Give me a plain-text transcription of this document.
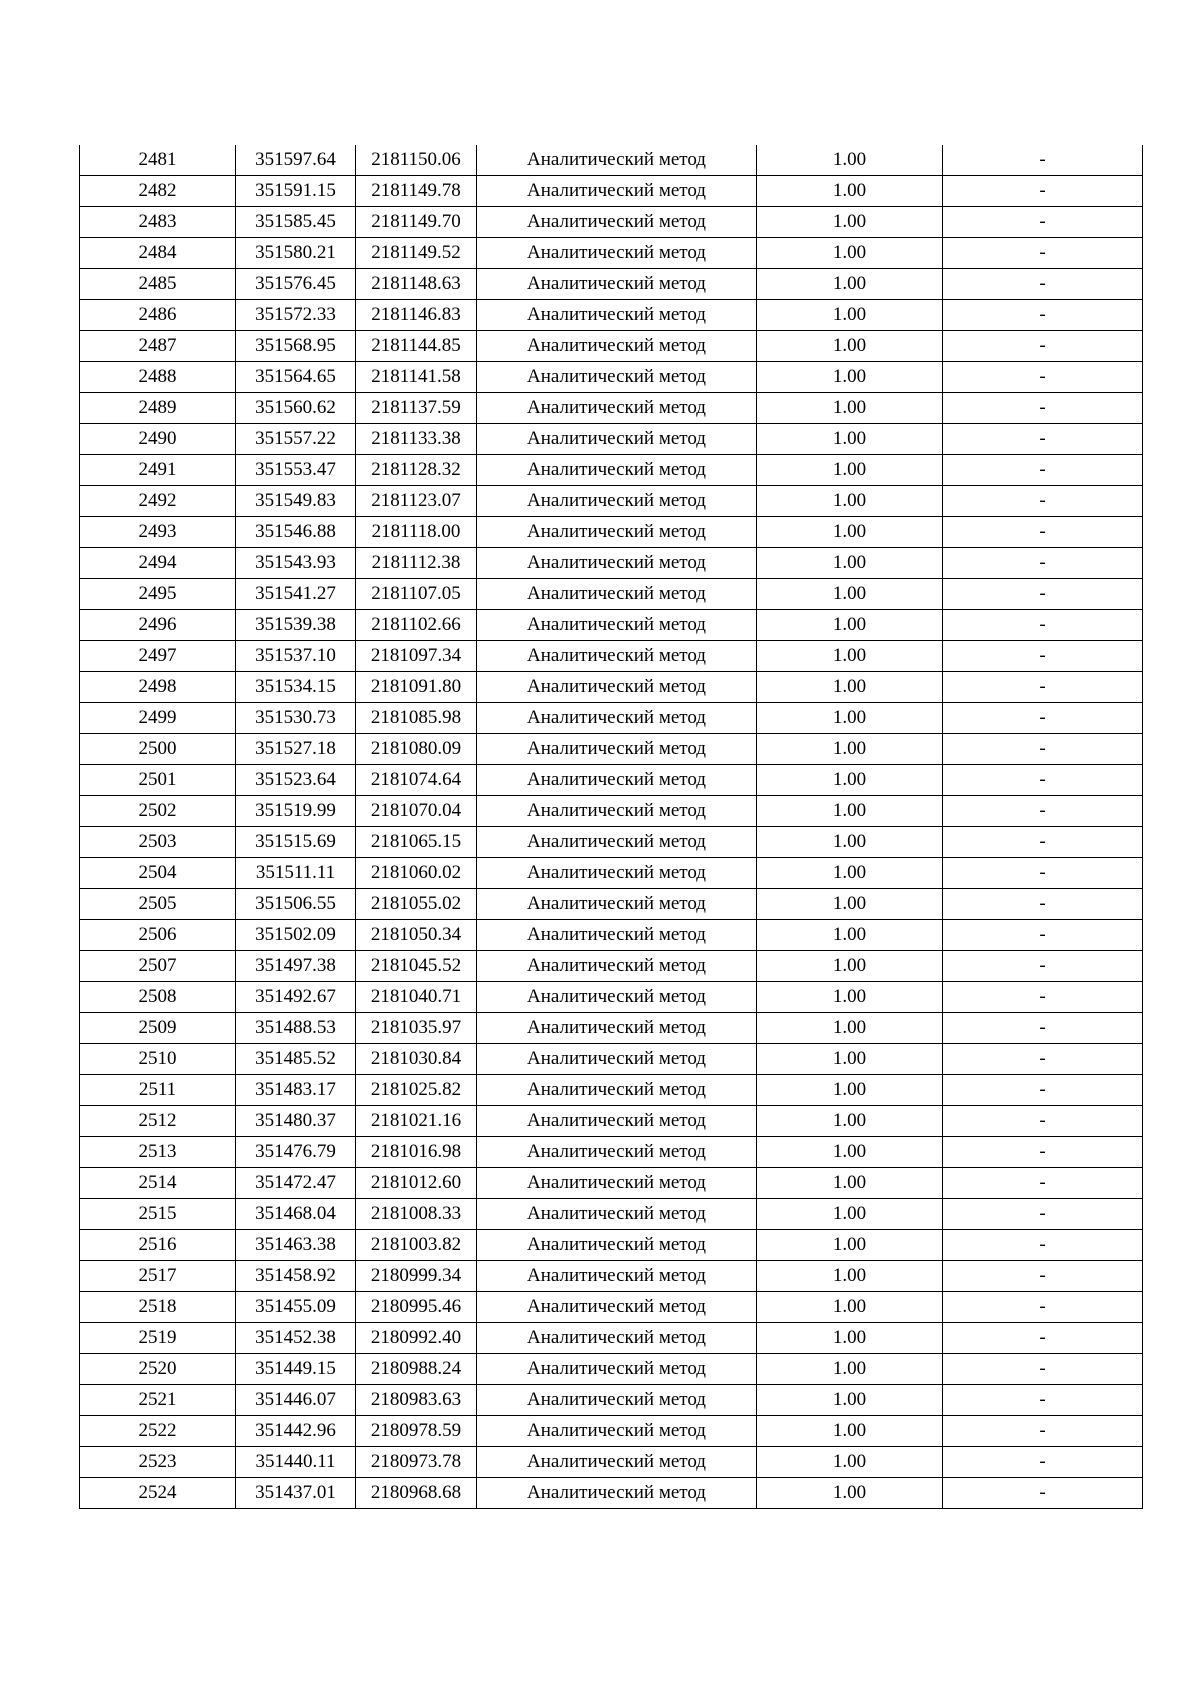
2481	351597.64	2181150.06	Аналитический метод	1.00	-
2482	351591.15	2181149.78	Аналитический метод	1.00	-
2483	351585.45	2181149.70	Аналитический метод	1.00	-
2484	351580.21	2181149.52	Аналитический метод	1.00	-
2485	351576.45	2181148.63	Аналитический метод	1.00	-
2486	351572.33	2181146.83	Аналитический метод	1.00	-
2487	351568.95	2181144.85	Аналитический метод	1.00	-
2488	351564.65	2181141.58	Аналитический метод	1.00	-
2489	351560.62	2181137.59	Аналитический метод	1.00	-
2490	351557.22	2181133.38	Аналитический метод	1.00	-
2491	351553.47	2181128.32	Аналитический метод	1.00	-
2492	351549.83	2181123.07	Аналитический метод	1.00	-
2493	351546.88	2181118.00	Аналитический метод	1.00	-
2494	351543.93	2181112.38	Аналитический метод	1.00	-
2495	351541.27	2181107.05	Аналитический метод	1.00	-
2496	351539.38	2181102.66	Аналитический метод	1.00	-
2497	351537.10	2181097.34	Аналитический метод	1.00	-
2498	351534.15	2181091.80	Аналитический метод	1.00	-
2499	351530.73	2181085.98	Аналитический метод	1.00	-
2500	351527.18	2181080.09	Аналитический метод	1.00	-
2501	351523.64	2181074.64	Аналитический метод	1.00	-
2502	351519.99	2181070.04	Аналитический метод	1.00	-
2503	351515.69	2181065.15	Аналитический метод	1.00	-
2504	351511.11	2181060.02	Аналитический метод	1.00	-
2505	351506.55	2181055.02	Аналитический метод	1.00	-
2506	351502.09	2181050.34	Аналитический метод	1.00	-
2507	351497.38	2181045.52	Аналитический метод	1.00	-
2508	351492.67	2181040.71	Аналитический метод	1.00	-
2509	351488.53	2181035.97	Аналитический метод	1.00	-
2510	351485.52	2181030.84	Аналитический метод	1.00	-
2511	351483.17	2181025.82	Аналитический метод	1.00	-
2512	351480.37	2181021.16	Аналитический метод	1.00	-
2513	351476.79	2181016.98	Аналитический метод	1.00	-
2514	351472.47	2181012.60	Аналитический метод	1.00	-
2515	351468.04	2181008.33	Аналитический метод	1.00	-
2516	351463.38	2181003.82	Аналитический метод	1.00	-
2517	351458.92	2180999.34	Аналитический метод	1.00	-
2518	351455.09	2180995.46	Аналитический метод	1.00	-
2519	351452.38	2180992.40	Аналитический метод	1.00	-
2520	351449.15	2180988.24	Аналитический метод	1.00	-
2521	351446.07	2180983.63	Аналитический метод	1.00	-
2522	351442.96	2180978.59	Аналитический метод	1.00	-
2523	351440.11	2180973.78	Аналитический метод	1.00	-
2524	351437.01	2180968.68	Аналитический метод	1.00	-
